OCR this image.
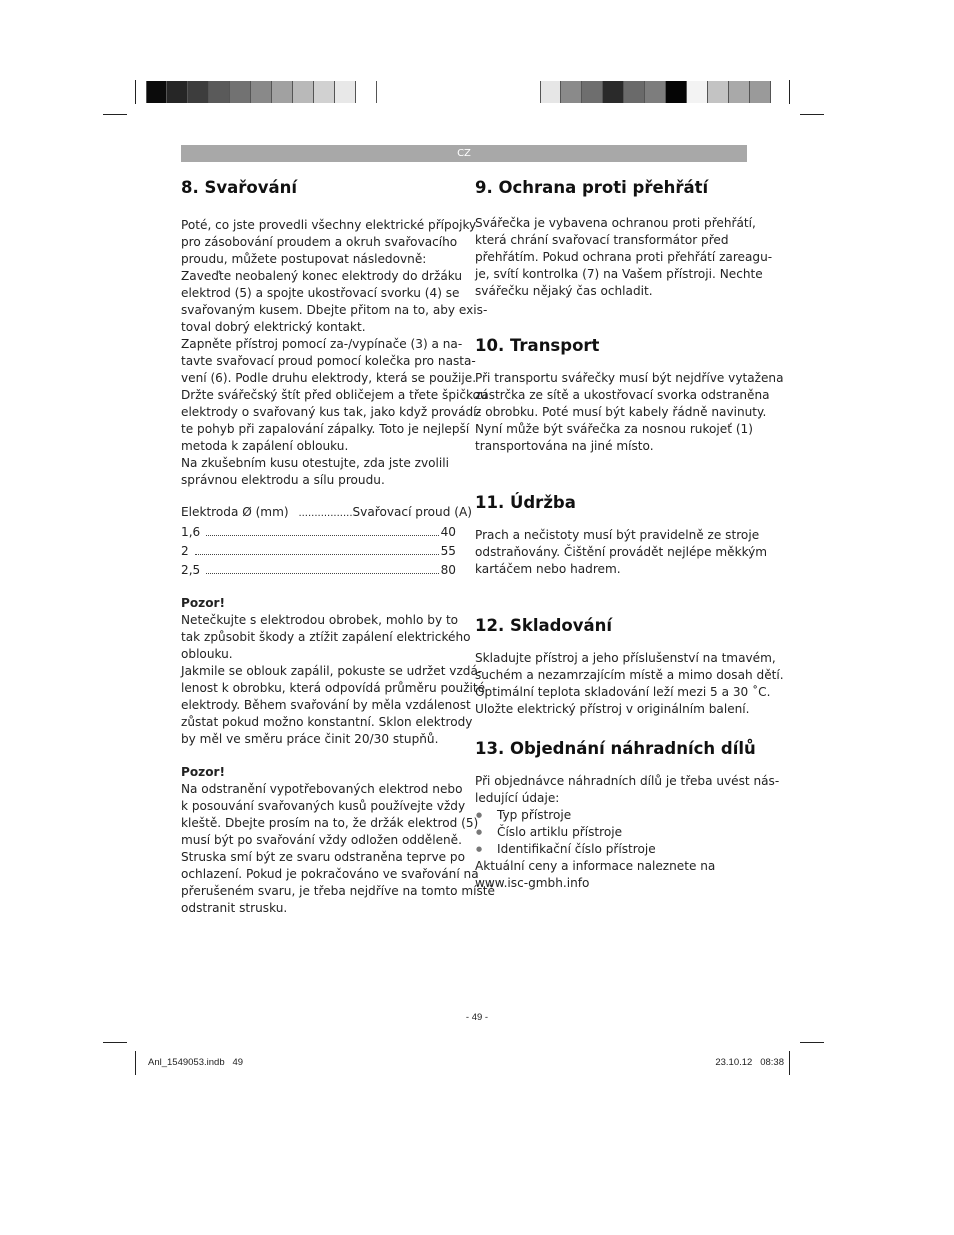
CZ
8. Svařování
Poté, co jste provedli všechny elektrické přípojky
pro zásobování proudem a okruh svařovacího
proudu, můžete postupovat následovně:
Zaveďte neobalený konec elektrody do držáku
elektrod (5) a spojte ukostřovací svorku (4) se
svařovaným kusem. Dbejte přitom na to, aby exis-
toval dobrý elektrický kontakt.
Zapněte přístroj pomocí za-/vypínače (3) a na-
tavte svařovací proud pomocí kolečka pro nasta-
vení (6). Podle druhu elektrody, která se použije.
Držte svářečský štít před obličejem a třete špičkou
elektrody o svařovaný kus tak, jako když provádí-
te pohyb při zapalování zápalky. Toto je nejlepší
metoda k zapálení oblouku.
Na zkušebním kusu otestujte, zda jste zvolili
správnou elektrodu a sílu proudu.
Elektroda Ø (mm) ................. Svařovací proud (A)
1,6	40
2	55
2,5	80
Pozor!
Netečkujte s elektrodou obrobek, mohlo by to
tak způsobit škody a ztížit zapálení elektrického
oblouku.
Jakmile se oblouk zapálil, pokuste se udržet vzdá-
lenost k obrobku, která odpovídá průměru použité
elektrody. Během svařování by měla vzdálenost
zůstat pokud možno konstantní. Sklon elektrody
by měl ve směru práce činit 20/30 stupňů.
Pozor!
Na odstranění vypotřebovaných elektrod nebo
k posouvání svařovaných kusů používejte vždy
kleště. Dbejte prosím na to, že držák elektrod (5)
musí být po svařování vždy odložen odděleně.
Struska smí být ze svaru odstraněna teprve po
ochlazení. Pokud je pokračováno ve svařování na
přerušeném svaru, je třeba nejdříve na tomto místě
odstranit strusku.
9. Ochrana proti přehřátí
Svářečka je vybavena ochranou proti přehřátí,
která chrání svařovací transformátor před
přehřátím. Pokud ochrana proti přehřátí zareagu-
je, svítí kontrolka (7) na Vašem přístroji. Nechte
svářečku nějaký čas ochladit.
10. Transport
Při transportu svářečky musí být nejdříve vytažena
zástrčka ze sítě a ukostřovací svorka odstraněna
z obrobku. Poté musí být kabely řádně navinuty.
Nyní může být svářečka za nosnou rukojeť (1)
transportována na jiné místo.
11. Údržba
Prach a nečistoty musí být pravidelně ze stroje
odstraňovány. Čištění provádět nejlépe měkkým
kartáčem nebo hadrem.
12. Skladování
Skladujte přístroj a jeho příslušenství na tmavém,
suchém a nezamrzajícím místě a mimo dosah dětí.
Optimální teplota skladování leží mezi 5 a 30 ˚C.
Uložte elektrický přístroj v originálním balení.
13. Objednání náhradních dílů
Při objednávce náhradních dílů je třeba uvést nás-
ledující údaje:
● Typ přístroje
● Číslo artiklu přístroje
● Identifikační číslo přístroje
Aktuální ceny a informace naleznete na
www.isc-gmbh.info
- 49 -
Anl_1549053.indb   49	23.10.12   08:38
